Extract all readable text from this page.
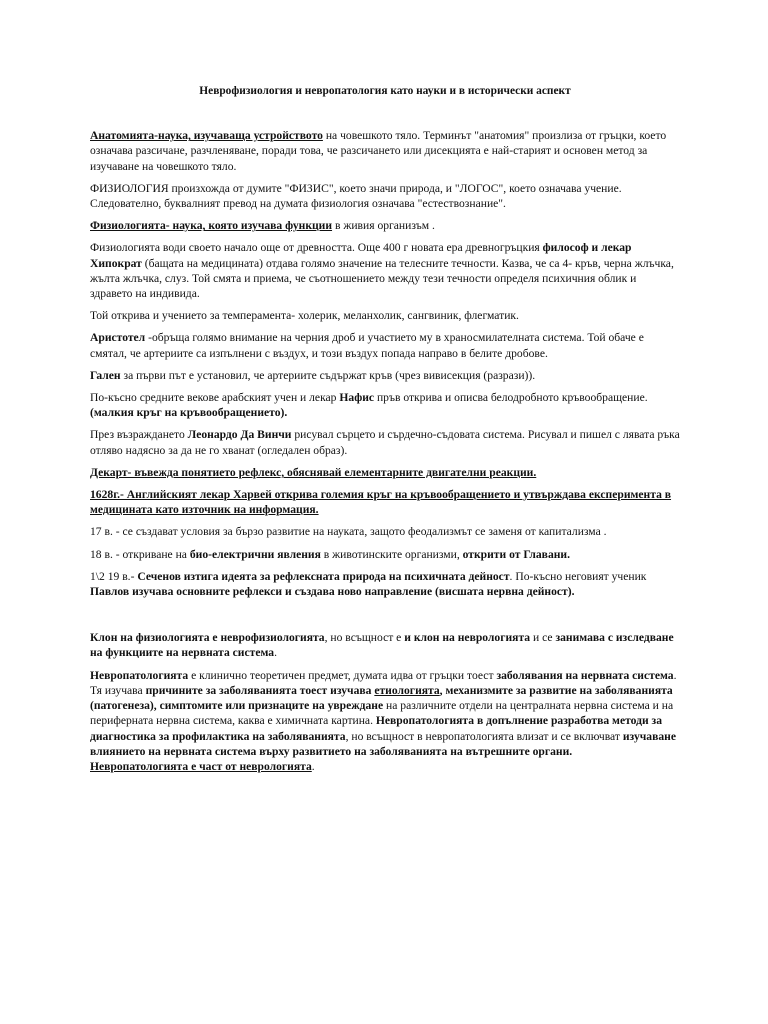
Неврофизиология и невропатология като науки и в исторически аспект

Анатомията-наука, изучаваща устройството на човешкото тяло. Терминът "анатомия" произлиза от гръцки, което означава разсичане, разчленяване, поради това, че разсичането или дисекцията е най-старият и основен метод за изучаване на човешкото тяло.

ФИЗИОЛОГИЯ произхожда от думите "ФИЗИС", което значи природа, и "ЛОГОС", което означава учение. Следователно, буквалният превод на думата физиология означава "естествознание".

Физиологията- наука, която изучава функции в живия организъм .

Физиологията води своето начало още от древността. Още 400 г новата ера древногръцкия философ и лекар Хипократ (бащата на медицината) отдава голямо значение на телесните течности. Казва, че са 4- кръв, черна жлъчка, жълта жлъчка, слуз. Той смята и приема, че съотношението между тези течности определя психичния облик и здравето на индивида.

Той открива и учението за темпераментa- холерик, меланхолик, сангвиник, флегматик.

Аристотел -обръща голямо внимание на черния дроб и участието му в храносмилателната система. Той обаче е смятал, че артериите са изпълнени с въздух, и този въздух попада направо в белите дробове.

Гален за първи път е установил, че артериите съдържат кръв (чрез вивисекция (разрази)).

По-късно средните векове арабският учен и лекар Нафис пръв открива и описва белодробното кръвообращение. (малкия кръг на кръвообращението).

През възраждането Леонардо Да Винчи рисувал сърцето и сърдечно-съдовата система. Рисувал и пишел с лявата ръка отляво надясно за да не го хванат (огледален образ).

Декарт- въвежда понятието рефлекс, обяснявай елементарните двигателни реакции.

1628г.- Английският лекар Харвей открива големия кръг на кръвообращението и утвърждава експеримента в медицината като източник на информация.

17 в. - се създават условия за бързо развитие на науката, защото феодализмът се заменя от капитализма .

18 в. - откриване на био-електрични явления в животинските организми, открити от Главани.

1\2 19 в.- Сеченов изтига идеята за рефлексната природа на психичната дейност. По-късно неговият ученик Павлов изучава основните рефлекси и създава ново направление (висшата нервна дейност).

Клон на физиологията е неврофизиологията, но всъщност е и клон на неврологията и се занимава с изследване на функциите на нервната система.

Невропатологията е клинично теоретичен предмет, думата идва от гръцки тоест заболявания на нервната система. Тя изучава причините за заболяванията тоест изучава етиологията, механизмите за развитие на заболяванията (патогенеза), симптомите или признаците на увреждане на различните отдели на централната нервна система и на периферната нервна система, каква е химичната картина. Невропатологията в допълнение разработва методи за диагностика за профилактика на заболяванията, но всъщност в невропатологията влизат и се включват изучаване влиянието на нервната система върху развитието на заболяванията на вътрешните органи.
Невропатологията е част от неврологията.
